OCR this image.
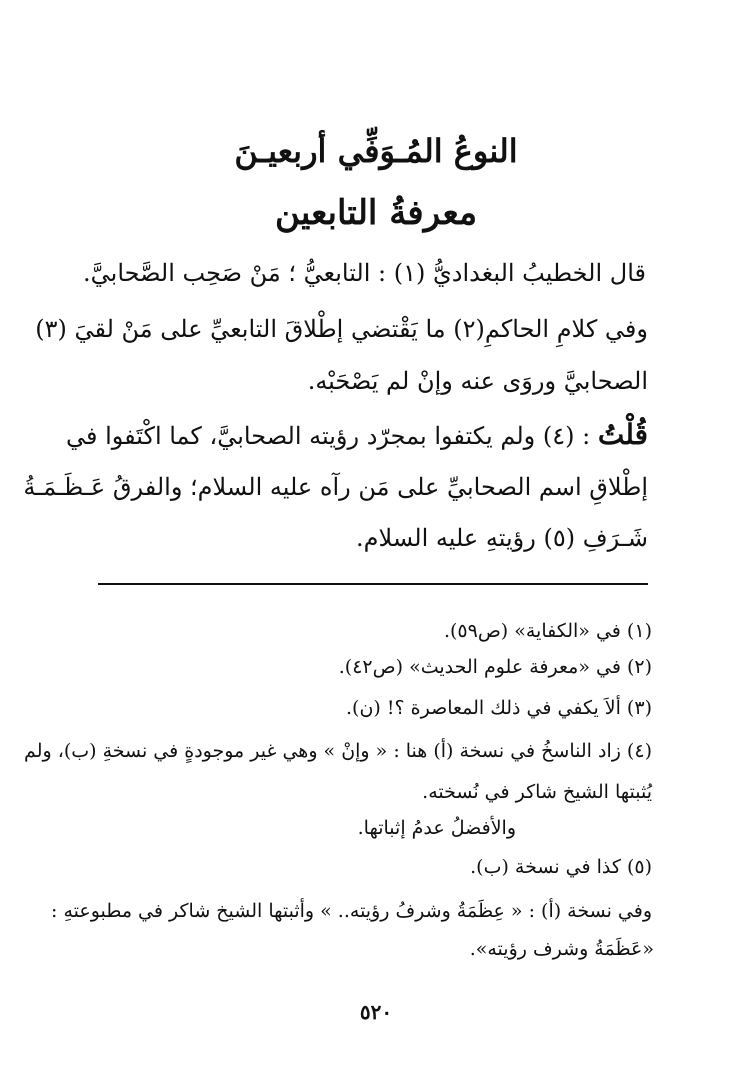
النوعُ المُـوَفِّي أربعيـنَ
معرفةُ التابعين
قال الخطيبُ البغداديُّ (١) : التابعيُّ ؛ مَنْ صَحِب الصَّحابيَّ.
وفي كلامِ الحاكمِ(٢) ما يَقْتضي إطْلاقَ التابعيِّ على مَنْ لقيَ (٣)
الصحابيَّ وروَى عنه وإنْ لم يَصْحَبْه.
قُلْتُ : (٤) ولم يكتفوا بمجرّد رؤيته الصحابيَّ، كما اكْتَفوا في
إطْلاقِ اسم الصحابيِّ على مَن رآه عليه السلام؛ والفرقُ عَـظَـمَـةُ
شَـرَفِ (٥) رؤيتهِ عليه السلام.
(١) في «الكفاية» (ص٥٩).
(٢) في «معرفة علوم الحديث» (ص٤٢).
(٣) ألاَ يكفي في ذلك المعاصرة ؟! (ن).
(٤) زاد الناسخُ في نسخة (أ) هنا : « وإنْ » وهي غير موجودةٍ في نسخةِ (ب)، ولم
يُثبتها الشيخ شاكر في نُسخته.
والأفضلُ عدمُ إثباتها.
(٥) كذا في نسخة (ب).
وفي نسخة (أ) : « عِظَمَةُ وشرفُ رؤيته.. » وأثبتها الشيخ شاكر في مطبوعتهِ :
«عَظَمَةُ وشرف رؤيته».
٥٢٠
